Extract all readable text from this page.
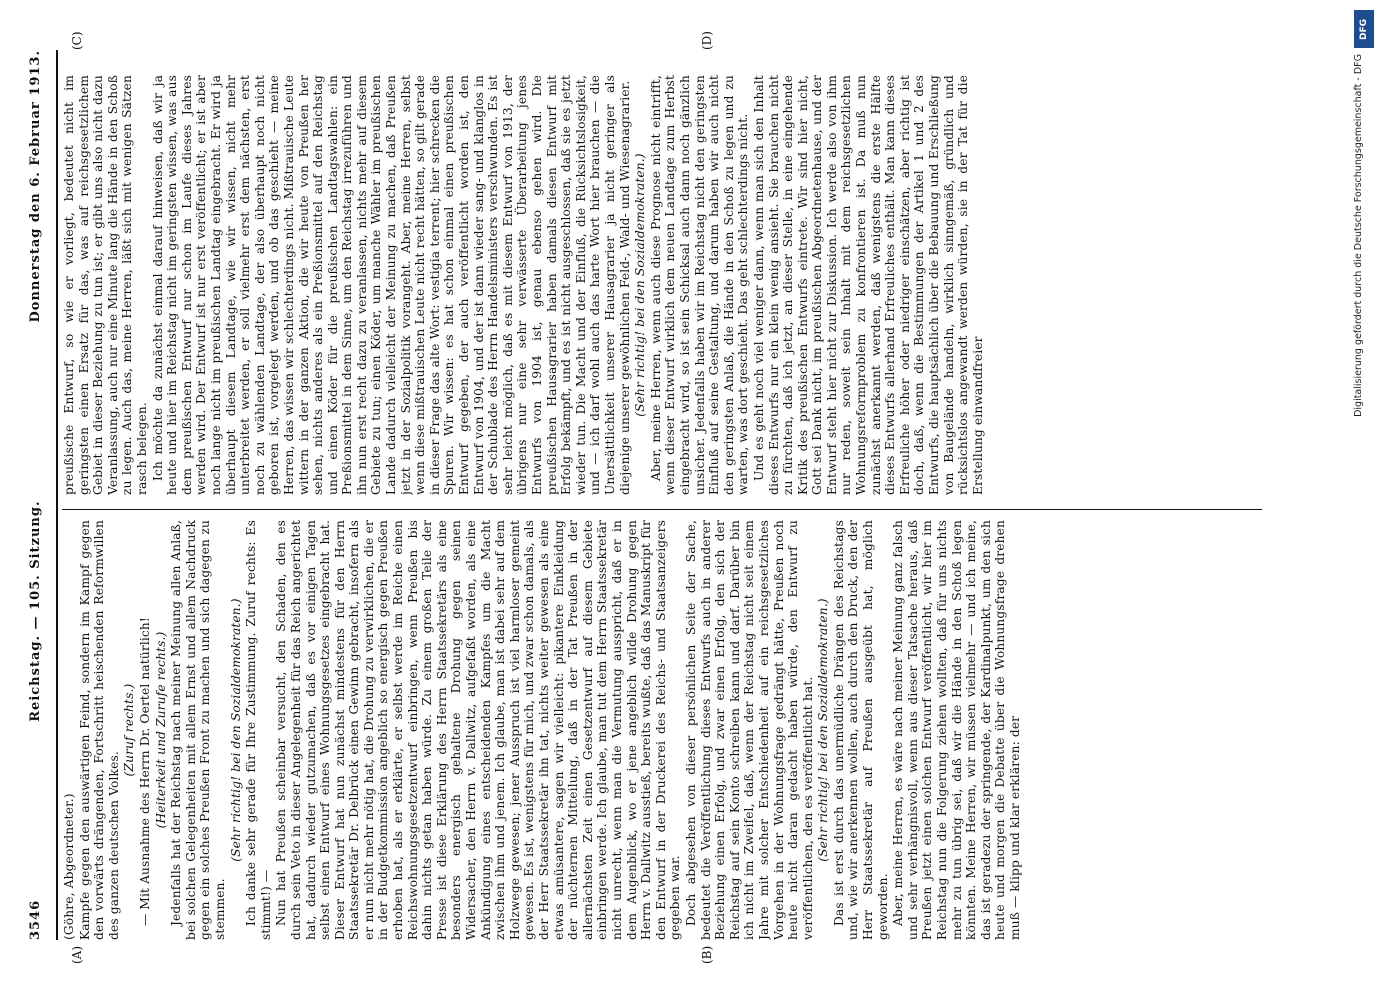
3546
Reichstag. — 105. Sitzung.
Donnerstag den 6. Februar 1913.
(A)	(B)
(C)	(D)

(Göhre, Abgeordneter.) Kampfe gegen den auswärtigen Feind, sondern im Kampf gegen den vorwärts drängenden, Fortschritt heischenden Reformwillen des ganzen deutschen Volkes.

(Zuruf rechts.) — Mit Ausnahme des Herrn Dr. Oertel natürlich! (Heiterkeit und Zurufe rechts.) Jedenfalls hat der Reichstag nach meiner Meinung allen Anlaß, bei solchen Gelegenheiten mit allem Ernst und allem Nachdruck gegen ein solches Preußen Front zu machen und sich dagegen zu stemmen.

(Sehr richtig! bei den Sozialdemokraten.) Ich danke sehr gerade für Ihre Zustimmung. Zuruf rechts: Es stimmt!) — Nun hat Preußen scheinbar versucht, den Schaden, den es durch sein Veto in dieser Angelegenheit für das Reich angerichtet hat, dadurch wieder gutzumachen, daß es vor einigen Tagen selbst einen Entwurf eines Wohnungsgesetzes eingebracht hat. Dieser Entwurf hat nun zunächst mindestens für den Herrn Staatssekretär Dr. Delbrück einen Gewinn gebracht, insofern als er nun nicht mehr nötig hat, die Drohung zu verwirklichen, die er in der Budgetkommission angeblich so energisch gegen Preußen erhoben hat, als er erklärte, er selbst werde im Reiche einen Reichswohnungsgesetzentwurf einbringen, wenn Preußen bis dahin nichts getan haben würde. Zu einem großen Teile der Presse ist diese Erklärung des Herrn Staatssekretärs als eine besonders energisch gehaltene Drohung gegen seinen Widersacher, den Herrn v. Dallwitz, aufgefaßt worden, als eine Ankündigung eines entscheidenden Kampfes um die Macht zwischen ihm und jenem. Ich glaube, man ist dabei sehr auf dem Holzwege gewesen; jener Ausspruch ist viel harmloser gemeint gewesen. Es ist, wenigstens für mich, und zwar schon damals, als der Herr Staatssekretär ihn tat, nichts weiter gewesen als eine etwas amüsantere, sagen wir vielleicht: pikantere Einkleidung der nüchternen Mitteilung, daß in der Tat Preußen in der allernächsten Zeit einen Gesetzentwurf auf diesem Gebiete einbringen werde. Ich glaube, man tut dem Herrn Staatssekretär nicht unrecht, wenn man die Vermutung ausspricht, daß er in dem Augenblick, wo er jene angeblich wilde Drohung gegen Herrn v. Dallwitz ausstieß, bereits wußte, daß das Manuskript für den Entwurf in der Druckerei des Reichs- und Staatsanzeigers gegeben war. Doch abgesehen von dieser persönlichen Seite der Sache, bedeutet die Veröffentlichung dieses Entwurfs auch in anderer Beziehung einen Erfolg, und zwar einen Erfolg, den sich der Reichstag auf sein Konto schreiben kann und darf. Darüber bin ich nicht im Zweifel, daß, wenn der Reichstag nicht seit einem Jahre mit solcher Entschiedenheit auf ein reichsgesetzliches Vorgehen in der Wohnungsfrage gedrängt hätte, Preußen noch heute nicht daran gedacht haben würde, den Entwurf zu veröffentlichen, den es veröffentlicht hat. (Sehr richtig! bei den Sozialdemokraten.) Das ist erst durch das unermüdliche Drängen des Reichstags und, wie wir anerkennen wollen, auch durch den Druck, den der Herr Staatssekretär auf Preußen ausgeübt hat, möglich geworden. Aber, meine Herren, es wäre nach meiner Meinung ganz falsch und sehr verhängnisvoll, wenn aus dieser Tatsache heraus, daß Preußen jetzt einen solchen Entwurf veröffentlicht, wir hier im Reichstag nun die Folgerung ziehen wollten, daß für uns nichts mehr zu tun übrig sei, daß wir die Hände in den Schoß legen könnten. Meine Herren, wir müssen vielmehr — und ich meine, das ist geradezu der springende, der Kardinalpunkt, um den sich heute und morgen die Debatte über die Wohnungsfrage drehen muß — klipp und klar erklären: der

preußische Entwurf, so wie er vorliegt, bedeutet nicht im geringsten einen Ersatz für das, was auf reichsgesetzlichem Gebiet in dieser Beziehung zu tun ist; er gibt uns also nicht dazu Veranlassung, auch nur eine Minute lang die Hände in den Schoß zu legen. Auch das, meine Herren, läßt sich mit wenigen Sätzen rasch belegen. Ich möchte da zunächst einmal darauf hinweisen, daß wir ja heute und hier im Reichstag nicht im geringsten wissen, was aus dem preußischen Entwurf nur schon im Laufe dieses Jahres werden wird. Der Entwurf ist nur erst veröffentlicht; er ist aber noch lange nicht im preußischen Landtag eingebracht. Er wird ja überhaupt diesem Landtage, wie wir wissen, nicht mehr unterbreitet werden, er soll vielmehr erst dem nächsten, erst noch zu wählenden Landtage, der also überhaupt noch nicht geboren ist, vorgelegt werden, und ob das geschieht — meine Herren, das wissen wir schlechterdings nicht. Mißtrauische Leute wittern in der ganzen Aktion, die wir heute von Preußen her sehen, nichts anderes als ein Preßionsmittel auf den Reichstag und einen Köder für die preußischen Landtagswahlen: ein Preßionsmittel in dem Sinne, um den Reichstag irrezuführen und ihn nun erst recht dazu zu veranlassen, nichts mehr auf diesem Gebiete zu tun; einen Köder, um manche Wähler im preußischen Lande dadurch vielleicht der Meinung zu machen, daß Preußen jetzt in der Sozialpolitik vorangeht. Aber, meine Herren, selbst wenn diese mißtrauischen Leute nicht recht hätten, so gilt gerade in dieser Frage das alte Wort: vestigia terrent; hier schrecken die Spuren. Wir wissen: es hat schon einmal einen preußischen Entwurf gegeben, der auch veröffentlicht worden ist, den Entwurf von 1904, und der ist dann wieder sang- und klanglos in der Schublade des Herrn Handelsministers verschwunden. Es ist sehr leicht möglich, daß es mit diesem Entwurf von 1913, der übrigens nur eine sehr verwässerte Überarbeitung jenes Entwurfs von 1904 ist, genau ebenso gehen wird. Die preußischen Hausagrarier haben damals diesen Entwurf mit Erfolg bekämpft, und es ist nicht ausgeschlossen, daß sie es jetzt wieder tun. Die Macht und der Einfluß, die Rücksichtslosigkeit, und — ich darf wohl auch das harte Wort hier brauchen — die Unersättlichkeit unserer Hausagrarier ja nicht geringer als diejenige unserer gewöhnlichen Feld-, Wald- und Wiesenagrarier. (Sehr richtig! bei den Sozialdemokraten.) Aber, meine Herren, wenn auch diese Prognose nicht eintrifft, wenn dieser Entwurf wirklich dem neuen Landtage zum Herbst eingebracht wird, so ist sein Schicksal auch dann noch gänzlich unsicher. Jedenfalls haben wir im Reichstag nicht den geringsten Einfluß auf seine Gestaltung, und darum haben wir auch nicht den geringsten Anlaß, die Hände in den Schoß zu legen und zu warten, was dort geschieht. Das geht schlechterdings nicht. Und es geht noch viel weniger dann, wenn man sich den Inhalt dieses Entwurfs nur ein klein wenig ansieht. Sie brauchen nicht zu fürchten, daß ich jetzt, an dieser Stelle, in eine eingehende Kritik des preußischen Entwurfs eintrete. Wir sind hier nicht, Gott sei Dank nicht, im preußischen Abgeordnetenhause, und der Entwurf steht hier nicht zur Diskussion. Ich werde also von ihm nur reden, soweit sein Inhalt mit dem reichsgesetzlichen Wohnungsreformproblem zu konfrontieren ist. Da muß nun zunächst anerkannt werden, daß wenigstens die erste Hälfte dieses Entwurfs allerhand Erfreuliches enthält. Man kann dieses Erfreuliche höher oder niedriger einschätzen, aber richtig ist doch, daß, wenn die Bestimmungen der Artikel 1 und 2 des Entwurfs, die hauptsächlich über die Bebauung und Erschließung von Baugelände handeln, wirklich sinngemäß, gründlich und rücksichtslos angewandt werden würden, sie in der Tat für die Erstellung einwandfreier

DFG
Digitalisierung gefördert durch die Deutsche Forschungsgemeinschaft - DFG
